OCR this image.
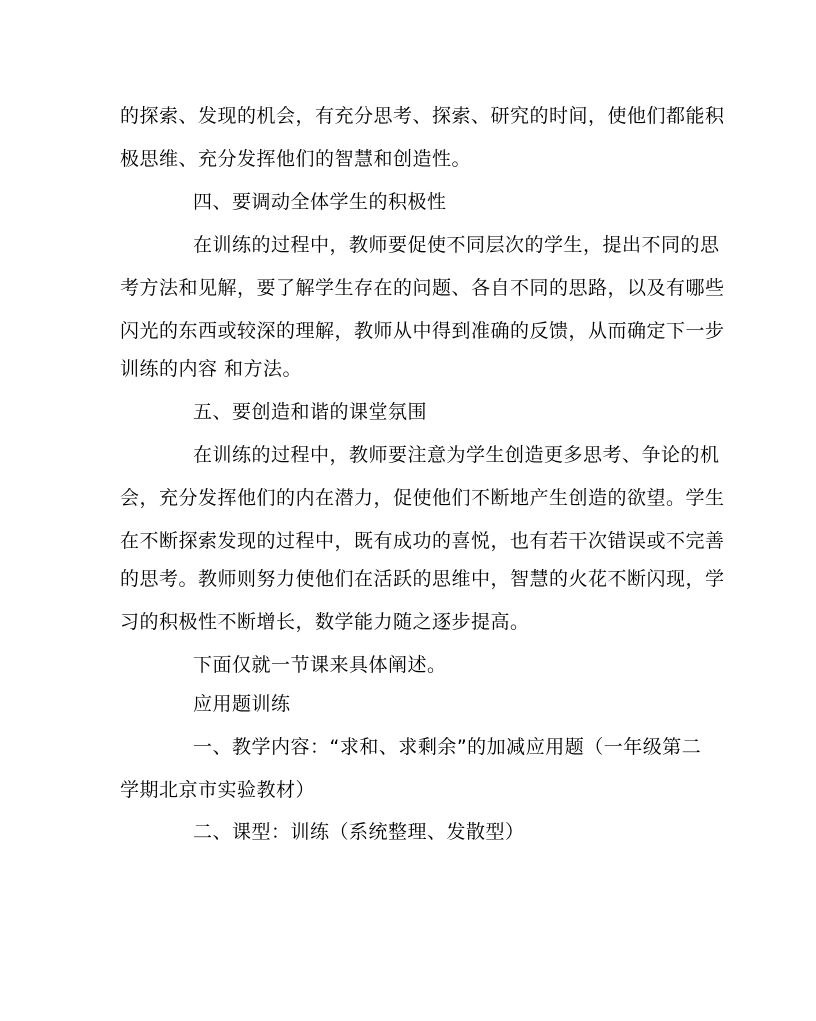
的探索、发现的机会，有充分思考、探索、研究的时间，使他们都能积
极思维、充分发挥他们的智慧和创造性。
四、要调动全体学生的积极性
在训练的过程中，教师要促使不同层次的学生，提出不同的思
考方法和见解，要了解学生存在的问题、各自不同的思路，以及有哪些
闪光的东西或较深的理解，教师从中得到准确的反馈，从而确定下一步
训练的内容 和方法。
五、要创造和谐的课堂氛围
在训练的过程中，教师要注意为学生创造更多思考、争论的机
会，充分发挥他们的内在潜力，促使他们不断地产生创造的欲望。学生
在不断探索发现的过程中，既有成功的喜悦，也有若干次错误或不完善
的思考。教师则努力使他们在活跃的思维中，智慧的火花不断闪现，学
习的积极性不断增长，数学能力随之逐步提高。
下面仅就一节课来具体阐述。
应用题训练
一、教学内容：“求和、求剩余”的加减应用题（一年级第二
学期北京市实验教材）
二、课型：训练（系统整理、发散型）
